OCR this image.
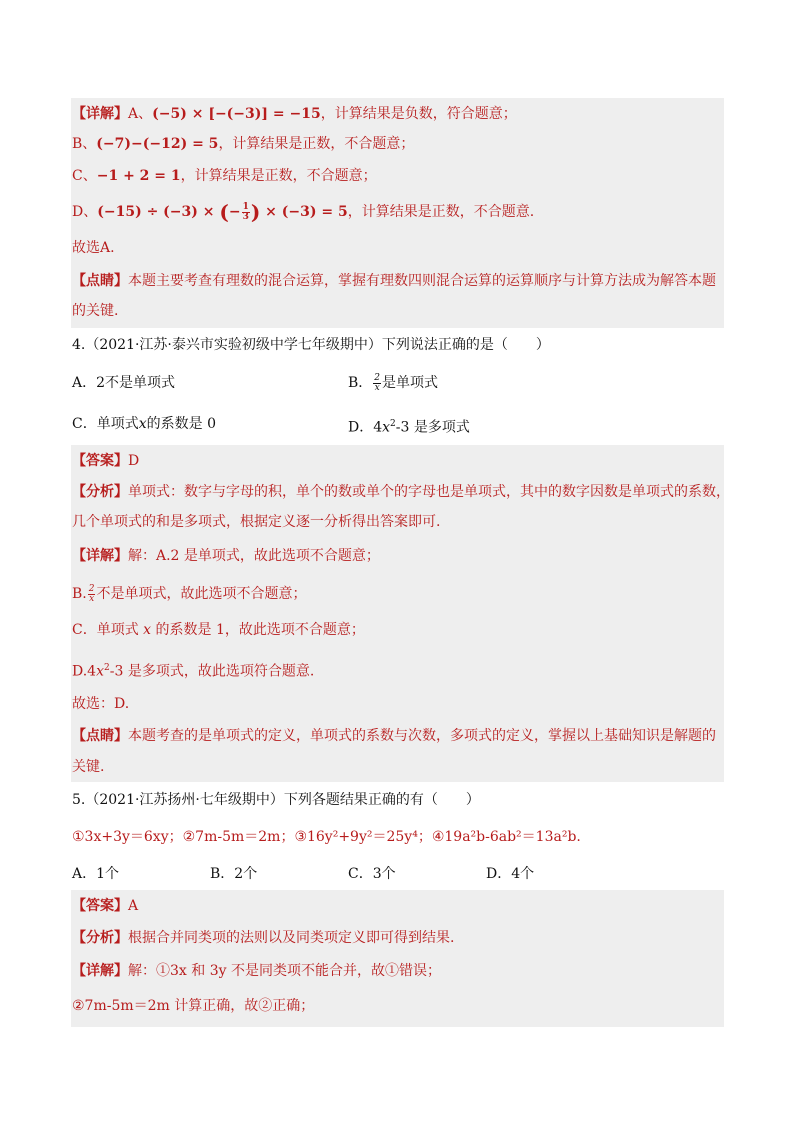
【详解】A、(−5) × [−(−3)] = −15，计算结果是负数，符合题意；
B、(−7)−(−12) = 5，计算结果是正数，不合题意；
C、−1 + 2 = 1，计算结果是正数，不合题意；
D、(−15) ÷ (−3) × (− $\frac{1}{3}$ ) × (−3) = 5，计算结果是正数，不合题意.
故选A.
【点睛】本题主要考查有理数的混合运算，掌握有理数四则混合运算的运算顺序与计算方法成为解答本题
的关键.
4.（2021·江苏·泰兴市实验初级中学七年级期中）下列说法正确的是（　　）
A．2不是单项式	B． $\frac{2}{x}$ 是单项式
C．单项式x的系数是 0	D．$4x^2-3$ 是多项式
【答案】D
【分析】单项式：数字与字母的积，单个的数或单个的字母也是单项式，其中的数字因数是单项式的系数，
几个单项式的和是多项式，根据定义逐一分析得出答案即可.
【详解】解：A.2 是单项式，故此选项不合题意；
B. $\frac{2}{x}$ 不是单项式，故此选项不合题意；
C．单项式 x 的系数是 1，故此选项不合题意；
$D.4x^2-3$ 是多项式，故此选项符合题意.
故选：D.
【点睛】本题考查的是单项式的定义，单项式的系数与次数，多项式的定义，掌握以上基础知识是解题的
关键.
5.（2021·江苏扬州·七年级期中）下列各题结果正确的有（　　）
①3x+3y＝6xy；②7m-5m＝2m；③16y²+9y²＝25y⁴；④19a²b-6ab²＝13a²b.
A．1个	B．2个	C．3个	D．4个
【答案】A
【分析】根据合并同类项的法则以及同类项定义即可得到结果.
【详解】解：①3x 和 3y 不是同类项不能合并，故①错误；
②7m-5m＝2m 计算正确，故②正确；
